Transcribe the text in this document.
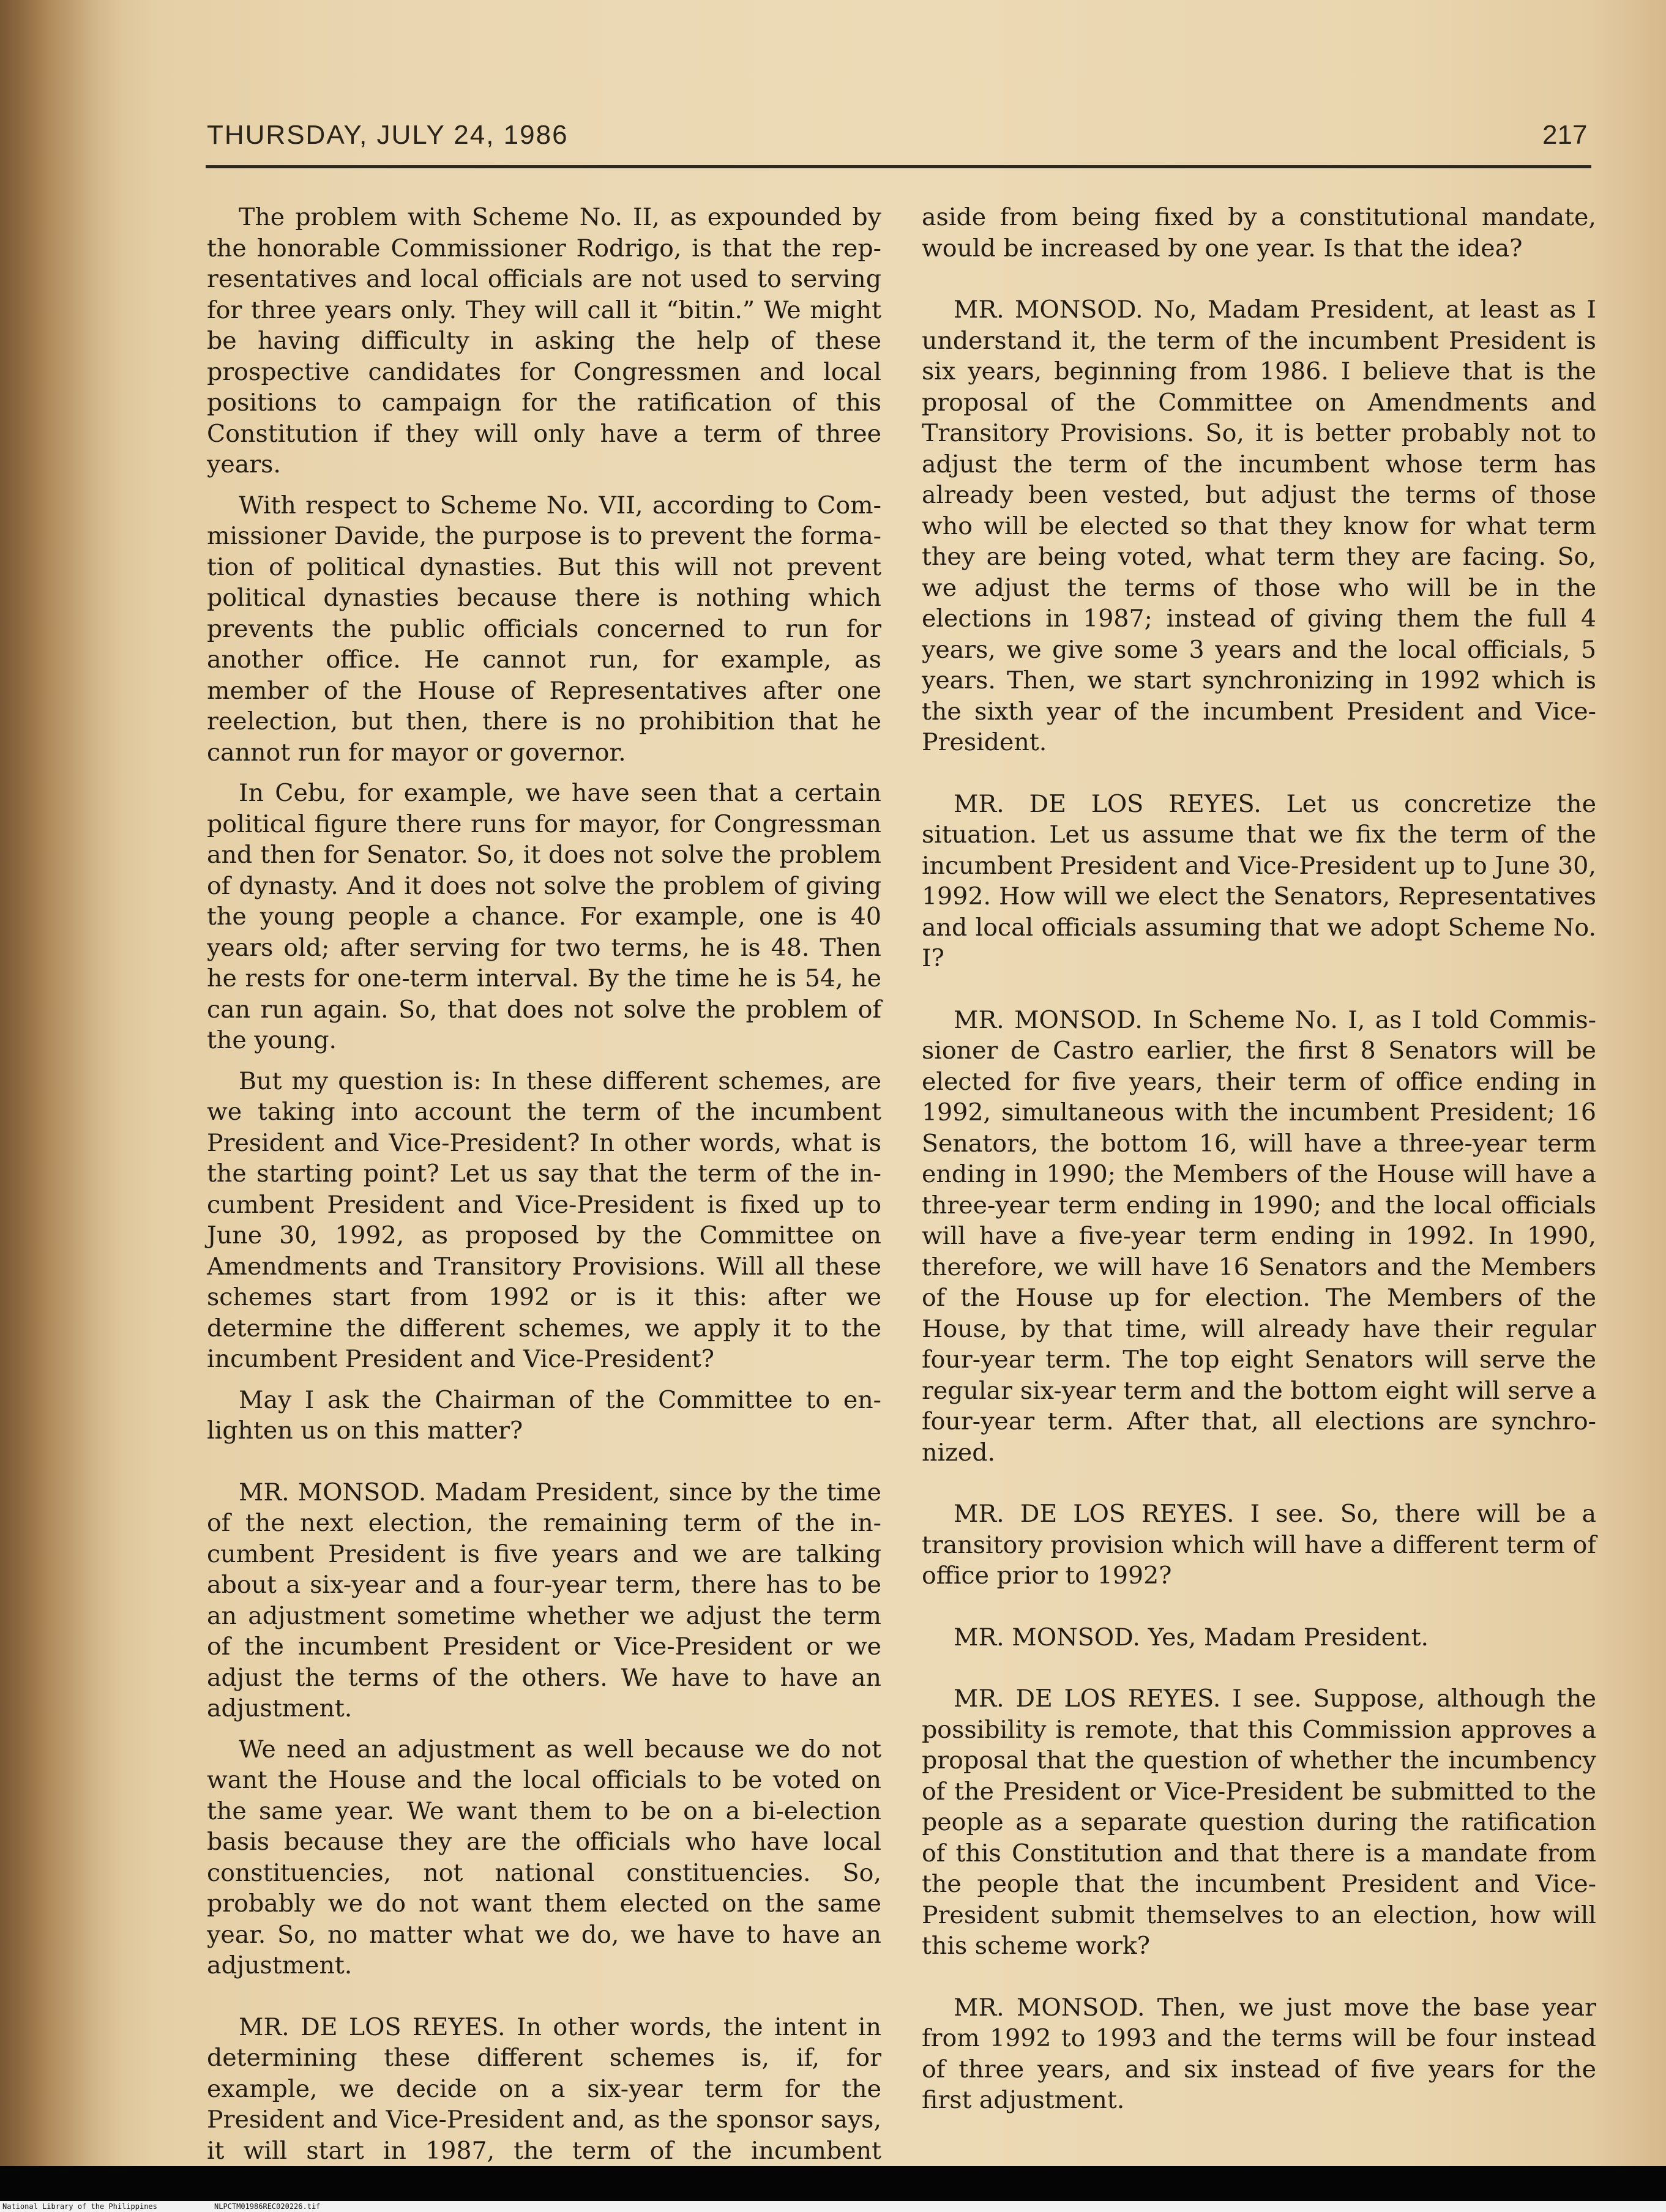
THURSDAY, JULY 24, 1986	217

The problem with Scheme No. II, as expounded by the honorable Commissioner Rodrigo, is that the representatives and local officials are not used to serving for three years only. They will call it “bitin.” We might be having difficulty in asking the help of these prospective candidates for Congressmen and local positions to campaign for the ratification of this Constitution if they will only have a term of three years.

With respect to Scheme No. VII, according to Commissioner Davide, the purpose is to prevent the formation of political dynasties. But this will not prevent political dynasties because there is nothing which prevents the public officials concerned to run for another office. He cannot run, for example, as member of the House of Representatives after one reelection, but then, there is no prohibition that he cannot run for mayor or governor.

In Cebu, for example, we have seen that a certain political figure there runs for mayor, for Congressman and then for Senator. So, it does not solve the problem of dynasty. And it does not solve the problem of giving the young people a chance. For example, one is 40 years old; after serving for two terms, he is 48. Then he rests for one-term interval. By the time he is 54, he can run again. So, that does not solve the problem of the young.

But my question is: In these different schemes, are we taking into account the term of the incumbent President and Vice-President? In other words, what is the starting point? Let us say that the term of the incumbent President and Vice-President is fixed up to June 30, 1992, as proposed by the Committee on Amendments and Transitory Provisions. Will all these schemes start from 1992 or is it this: after we determine the different schemes, we apply it to the incumbent President and Vice-President?

May I ask the Chairman of the Committee to enlighten us on this matter?

MR. MONSOD. Madam President, since by the time of the next election, the remaining term of the incumbent President is five years and we are talking about a six-year and a four-year term, there has to be an adjustment sometime whether we adjust the term of the incumbent President or Vice-President or we adjust the terms of the others. We have to have an adjustment.

We need an adjustment as well because we do not want the House and the local officials to be voted on the same year. We want them to be on a bi-election basis because they are the officials who have local constituencies, not national constituencies. So, probably we do not want them elected on the same year. So, no matter what we do, we have to have an adjustment.

MR. DE LOS REYES. In other words, the intent in determining these different schemes is, if, for example, we decide on a six-year term for the President and Vice-President and, as the sponsor says, it will start in 1987, the term of the incumbent

aside from being fixed by a constitutional mandate, would be increased by one year. Is that the idea?

MR. MONSOD. No, Madam President, at least as I understand it, the term of the incumbent President is six years, beginning from 1986. I believe that is the proposal of the Committee on Amendments and Transitory Provisions. So, it is better probably not to adjust the term of the incumbent whose term has already been vested, but adjust the terms of those who will be elected so that they know for what term they are being voted, what term they are facing. So, we adjust the terms of those who will be in the elections in 1987; instead of giving them the full 4 years, we give some 3 years and the local officials, 5 years. Then, we start synchronizing in 1992 which is the sixth year of the incumbent President and Vice-President.

MR. DE LOS REYES. Let us concretize the situation. Let us assume that we fix the term of the incumbent President and Vice-President up to June 30, 1992. How will we elect the Senators, Representatives and local officials assuming that we adopt Scheme No. I?

MR. MONSOD. In Scheme No. I, as I told Commissioner de Castro earlier, the first 8 Senators will be elected for five years, their term of office ending in 1992, simultaneous with the incumbent President; 16 Senators, the bottom 16, will have a three-year term ending in 1990; the Members of the House will have a three-year term ending in 1990; and the local officials will have a five-year term ending in 1992. In 1990, therefore, we will have 16 Senators and the Members of the House up for election. The Members of the House, by that time, will already have their regular four-year term. The top eight Senators will serve the regular six-year term and the bottom eight will serve a four-year term. After that, all elections are synchronized.

MR. DE LOS REYES. I see. So, there will be a transitory provision which will have a different term of office prior to 1992?

MR. MONSOD. Yes, Madam President.

MR. DE LOS REYES. I see. Suppose, although the possibility is remote, that this Commission approves a proposal that the question of whether the incumbency of the President or Vice-President be submitted to the people as a separate question during the ratification of this Constitution and that there is a mandate from the people that the incumbent President and Vice-President submit themselves to an election, how will this scheme work?

MR. MONSOD. Then, we just move the base year from 1992 to 1993 and the terms will be four instead of three years, and six instead of five years for the first adjustment.

National Library of the Philippines	NLPCTM01986REC020226.tif
